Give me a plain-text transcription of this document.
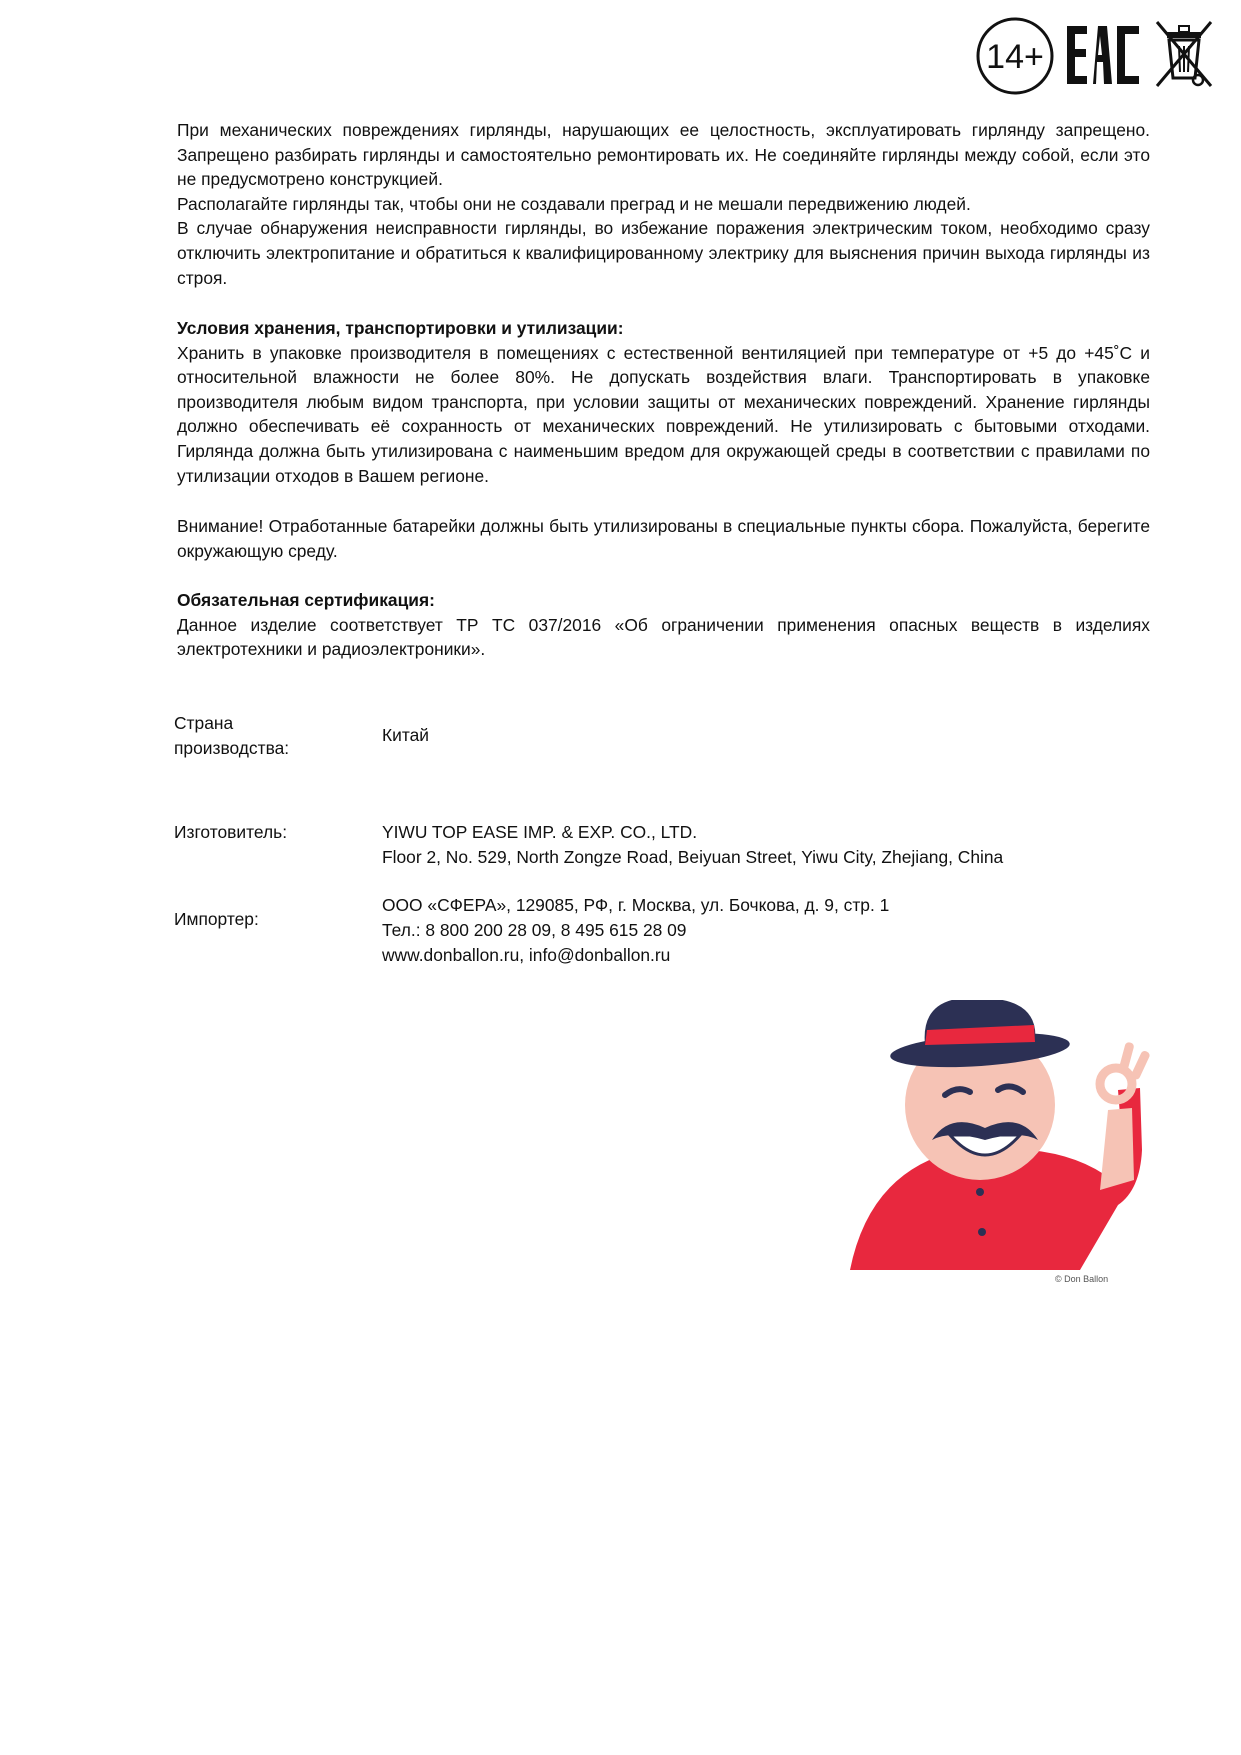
14+

При механических повреждениях гирлянды, нарушающих ее целостность, эксплуатировать гирлянду запрещено. Запрещено разбирать гирлянды и самостоятельно ремонтировать их. Не соединяйте гирлянды между собой, если это не предусмотрено конструкцией.

Располагайте гирлянды так, чтобы они не создавали преград и не мешали передвижению людей.

В случае обнаружения неисправности гирлянды, во избежание поражения электрическим током, необходимо сразу отключить электропитание и обратиться к квалифицированному электрику для выяснения причин выхода гирлянды из строя.

Условия хранения, транспортировки и утилизации:

Хранить в упаковке производителя в помещениях с естественной вентиляцией при температуре от +5 до +45˚С и относительной влажности не более 80%. Не допускать воздействия влаги. Транспортировать в упаковке производителя любым видом транспорта, при условии защиты от механических повреждений. Хранение гирлянды должно обеспечивать её сохранность от механических повреждений. Не утилизировать с бытовыми отходами. Гирлянда должна быть утилизирована с наименьшим вредом для окружающей среды в соответствии с правилами по утилизации отходов в Вашем регионе.

Внимание! Отработанные батарейки должны быть утилизированы в специальные пункты сбора. Пожалуйста, берегите окружающую среду.

Обязательная сертификация:

Данное изделие соответствует ТР ТС 037/2016 «Об ограничении применения опасных веществ в изделиях электротехники и радиоэлектроники».

Страна
производства:
Китай
Изготовитель:	YIWU TOP EASE IMP. & EXP. CO., LTD.
Floor 2, No. 529, North Zongze Road, Beiyuan Street, Yiwu City, Zhejiang, China
Импортер:
ООО «СФЕРА», 129085, РФ, г. Москва, ул. Бочкова, д. 9, стр. 1
Тел.: 8 800 200 28 09, 8 495 615 28 09
www.donballon.ru, info@donballon.ru
© Don Ballon
